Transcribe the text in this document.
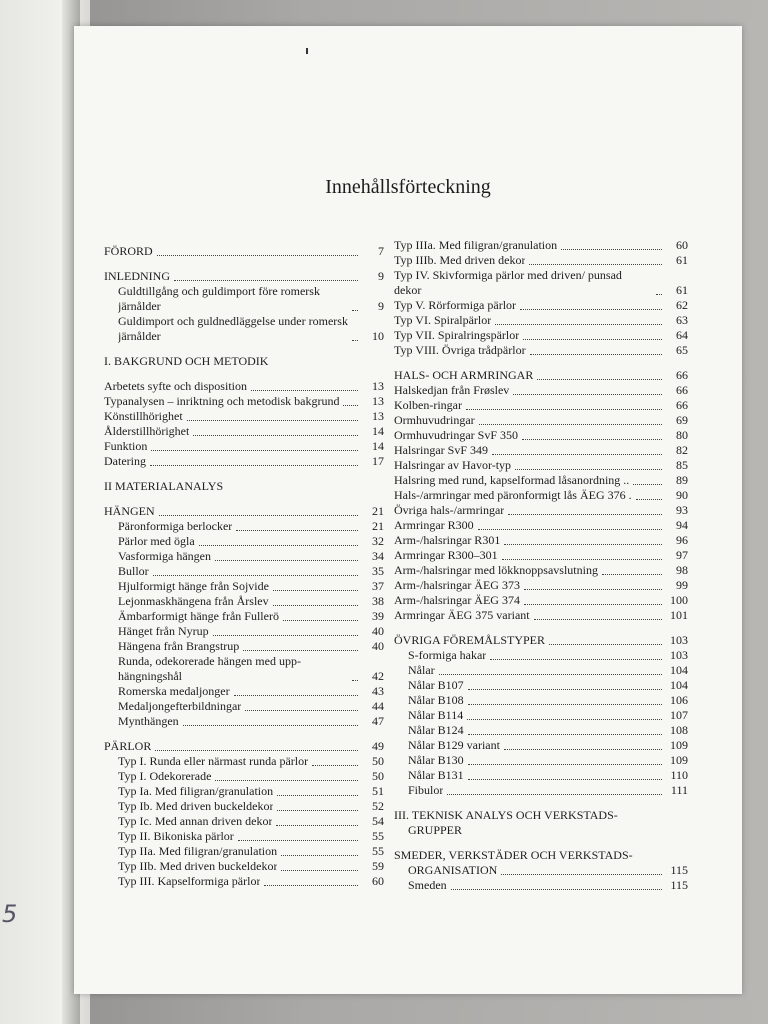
Innehållsförteckning
FÖRORD	7
INLEDNING	9
Guldtillgång och guldimport före romersk järnålder	9
Guldimport och guldnedläggelse under romersk järnålder	10
I. BAKGRUND OCH METODIK
Arbetets syfte och disposition	13
Typanalysen – inriktning och metodisk bakgrund	13
Könstillhörighet	13
Ålderstillhörighet	14
Funktion	14
Datering	17
II MATERIALANALYS
HÄNGEN	21
Päronformiga berlocker	21
Pärlor med ögla	32
Vasformiga hängen	34
Bullor	35
Hjulformigt hänge från Sojvide	37
Lejonmaskhängena från Årslev	38
Ämbarformigt hänge från Fullerö	39
Hänget från Nyrup	40
Hängena från Brangstrup	40
Runda, odekorerade hängen med upp-hängningshål	42
Romerska medaljonger	43
Medaljongefterbildningar	44
Mynthängen	47
PÄRLOR	49
Typ I. Runda eller närmast runda pärlor	50
Typ I. Odekorerade	50
Typ Ia. Med filigran/granulation	51
Typ Ib. Med driven buckeldekor	52
Typ Ic. Med annan driven dekor	54
Typ II. Bikoniska pärlor	55
Typ IIa. Med filigran/granulation	55
Typ IIb. Med driven buckeldekor	59
Typ III. Kapselformiga pärlor	60
Typ IIIa. Med filigran/granulation	60
Typ IIIb. Med driven dekor	61
Typ IV. Skivformiga pärlor med driven/ punsad dekor	61
Typ V. Rörformiga pärlor	62
Typ VI. Spiralpärlor	63
Typ VII. Spiralringspärlor	64
Typ VIII. Övriga trådpärlor	65
HALS- OCH ARMRINGAR	66
Halskedjan från Frøslev	66
Kolben-ringar	66
Ormhuvudringar	69
Ormhuvudringar SvF 350	80
Halsringar SvF 349	82
Halsringar av Havor-typ	85
Halsring med rund, kapselformad låsanordning ..	89
Hals-/armringar med päronformigt lås ÄEG 376 .	90
Övriga hals-/armringar	93
Armringar R300	94
Arm-/halsringar R301	96
Armringar R300–301	97
Arm-/halsringar med lökknoppsavslutning	98
Arm-/halsringar ÄEG 373	99
Arm-/halsringar ÄEG 374	100
Armringar ÄEG 375 variant	101
ÖVRIGA FÖREMÅLSTYPER	103
S-formiga hakar	103
Nålar	104
Nålar B107	104
Nålar B108	106
Nålar B114	107
Nålar B124	108
Nålar B129 variant	109
Nålar B130	109
Nålar B131	110
Fibulor	111
III. TEKNISK ANALYS OCH VERKSTADS-
GRUPPER
SMEDER, VERKSTÄDER OCH VERKSTADS-
ORGANISATION	115
Smeden	115
5
